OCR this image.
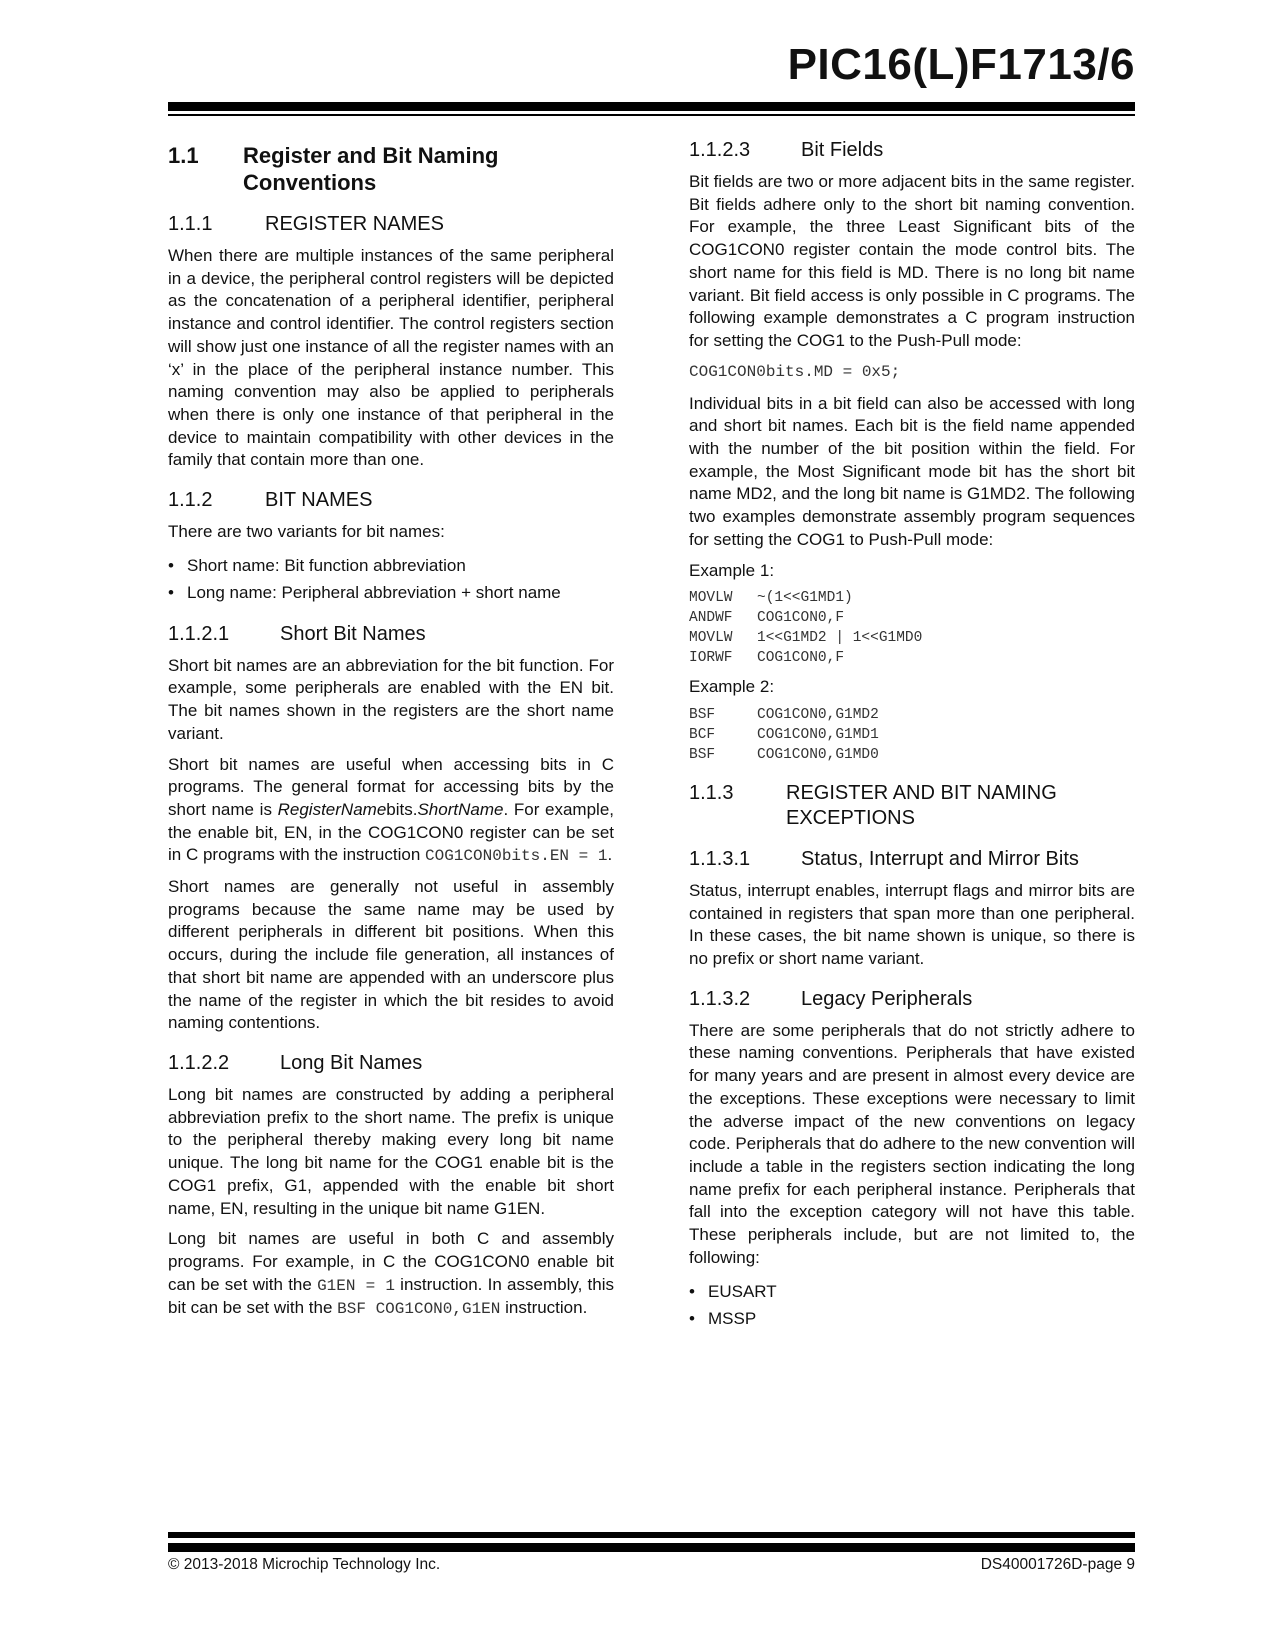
PIC16(L)F1713/6
1.1	Register and Bit Naming Conventions
1.1.1	REGISTER NAMES

When there are multiple instances of the same peripheral in a device, the peripheral control registers will be depicted as the concatenation of a peripheral identifier, peripheral instance and control identifier. The control registers section will show just one instance of all the register names with an ‘x’ in the place of the peripheral instance number. This naming convention may also be applied to peripherals when there is only one instance of that peripheral in the device to maintain compatibility with other devices in the family that contain more than one.

1.1.2	BIT NAMES

There are two variants for bit names:

• Short name: Bit function abbreviation
• Long name: Peripheral abbreviation + short name
1.1.2.1	Short Bit Names

Short bit names are an abbreviation for the bit function. For example, some peripherals are enabled with the EN bit. The bit names shown in the registers are the short name variant.

Short bit names are useful when accessing bits in C programs. The general format for accessing bits by the short name is RegisterNamebits.ShortName. For example, the enable bit, EN, in the COG1CON0 register can be set in C programs with the instruction COG1CON0bits.EN = 1.

Short names are generally not useful in assembly programs because the same name may be used by different peripherals in different bit positions. When this occurs, during the include file generation, all instances of that short bit name are appended with an underscore plus the name of the register in which the bit resides to avoid naming contentions.

1.1.2.2	Long Bit Names

Long bit names are constructed by adding a peripheral abbreviation prefix to the short name. The prefix is unique to the peripheral thereby making every long bit name unique. The long bit name for the COG1 enable bit is the COG1 prefix, G1, appended with the enable bit short name, EN, resulting in the unique bit name G1EN.

Long bit names are useful in both C and assembly programs. For example, in C the COG1CON0 enable bit can be set with the G1EN = 1 instruction. In assembly, this bit can be set with the BSF COG1CON0,G1EN instruction.

1.1.2.3	Bit Fields

Bit fields are two or more adjacent bits in the same register. Bit fields adhere only to the short bit naming convention. For example, the three Least Significant bits of the COG1CON0 register contain the mode control bits. The short name for this field is MD. There is no long bit name variant. Bit field access is only possible in C programs. The following example demonstrates a C program instruction for setting the COG1 to the Push-Pull mode:

COG1CON0bits.MD = 0x5;

Individual bits in a bit field can also be accessed with long and short bit names. Each bit is the field name appended with the number of the bit position within the field. For example, the Most Significant mode bit has the short bit name MD2, and the long bit name is G1MD2. The following two examples demonstrate assembly program sequences for setting the COG1 to Push-Pull mode:

Example 1:
MOVLW	~(1<<G1MD1)
ANDWF	COG1CON0,F
MOVLW	1<<G1MD2 | 1<<G1MD0
IORWF	COG1CON0,F
Example 2:
BSF	COG1CON0,G1MD2
BCF	COG1CON0,G1MD1
BSF	COG1CON0,G1MD0
1.1.3	REGISTER AND BIT NAMING EXCEPTIONS
1.1.3.1	Status, Interrupt and Mirror Bits

Status, interrupt enables, interrupt flags and mirror bits are contained in registers that span more than one peripheral. In these cases, the bit name shown is unique, so there is no prefix or short name variant.

1.1.3.2	Legacy Peripherals

There are some peripherals that do not strictly adhere to these naming conventions. Peripherals that have existed for many years and are present in almost every device are the exceptions. These exceptions were necessary to limit the adverse impact of the new conventions on legacy code. Peripherals that do adhere to the new convention will include a table in the registers section indicating the long name prefix for each peripheral instance. Peripherals that fall into the exception category will not have this table. These peripherals include, but are not limited to, the following:

• EUSART
• MSSP
© 2013-2018 Microchip Technology Inc.	DS40001726D-page 9
